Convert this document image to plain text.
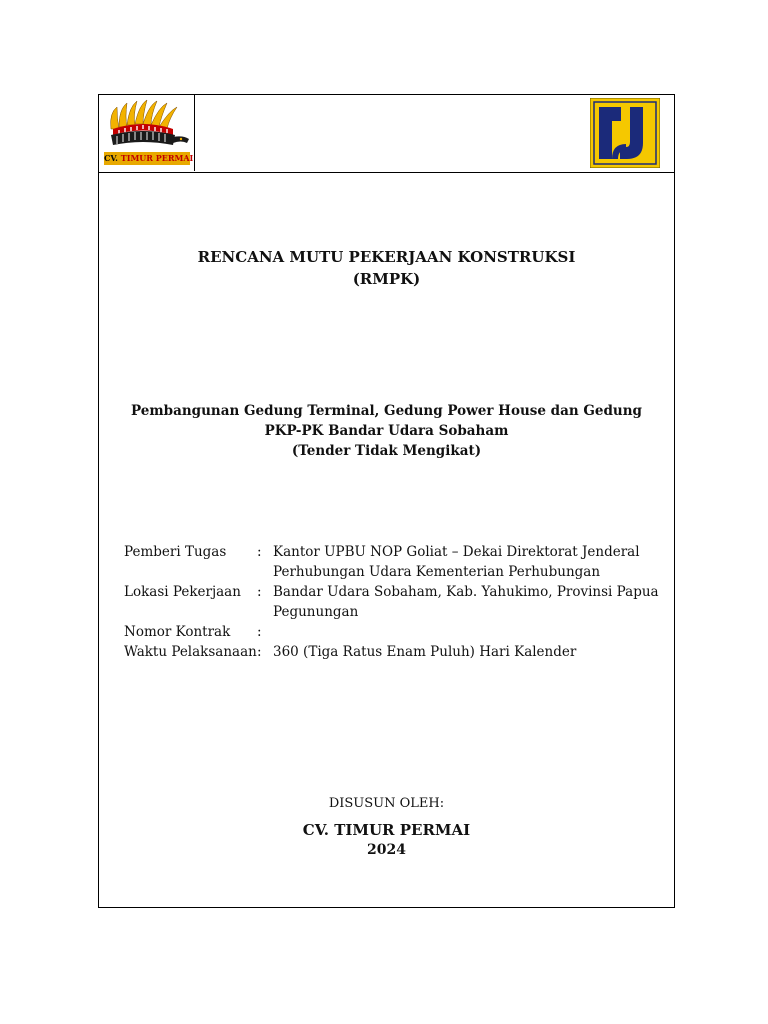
CV. TIMUR PERMAI
RENCANA MUTU PEKERJAAN KONSTRUKSI
(RMPK)
Pembangunan Gedung Terminal, Gedung Power House dan Gedung
PKP-PK Bandar Udara Sobaham
(Tender Tidak Mengikat)
Pemberi Tugas	: Kantor UPBU NOP Goliat – Dekai Direktorat Jenderal Perhubungan Udara Kementerian Perhubungan
Lokasi Pekerjaan	: Bandar Udara Sobaham, Kab. Yahukimo, Provinsi Papua Pegunungan
Nomor Kontrak	:
Waktu Pelaksanaan : 360 (Tiga Ratus Enam Puluh) Hari Kalender
DISUSUN OLEH:
CV. TIMUR PERMAI
2024
